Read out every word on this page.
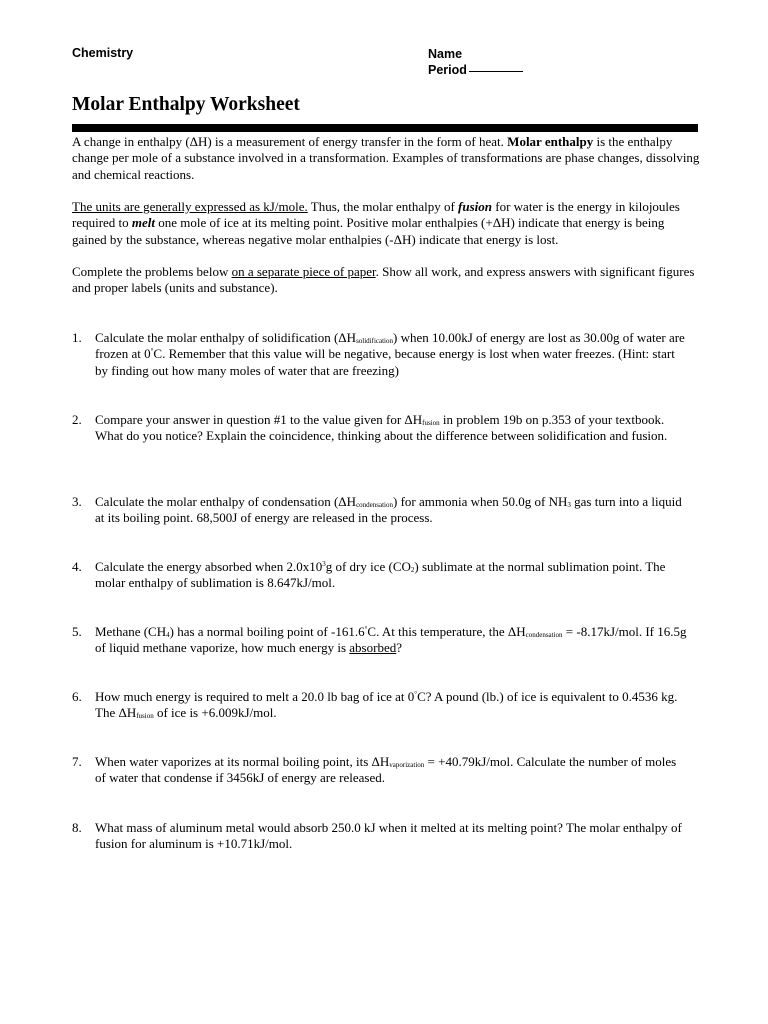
Chemistry	Name
Period
Molar Enthalpy Worksheet
A change in enthalpy (ΔH) is a measurement of energy transfer in the form of heat. Molar enthalpy is the enthalpy change per mole of a substance involved in a transformation. Examples of transformations are phase changes, dissolving and chemical reactions.
The units are generally expressed as kJ/mole. Thus, the molar enthalpy of fusion for water is the energy in kilojoules required to melt one mole of ice at its melting point. Positive molar enthalpies (+ΔH) indicate that energy is being gained by the substance, whereas negative molar enthalpies (-ΔH) indicate that energy is lost.
Complete the problems below on a separate piece of paper. Show all work, and express answers with significant figures and proper labels (units and substance).
1.	Calculate the molar enthalpy of solidification $(\Delta H_{solidification})$ when 10.00kJ of energy are lost as 30.00g of water are frozen at 0°C. Remember that this value will be negative, because energy is lost when water freezes. (Hint: start by finding out how many moles of water that are freezing)
2.	Compare your answer in question #1 to the value given for $\Delta H_{fusion}$ in problem 19b on p.353 of your textbook. What do you notice? Explain the coincidence, thinking about the difference between solidification and fusion.
3.	Calculate the molar enthalpy of condensation $(\Delta H_{condensation})$ for ammonia when 50.0g of $NH_3$ gas turn into a liquid at its boiling point. 68,500J of energy are released in the process.
4.	Calculate the energy absorbed when $2.0x10^3g$ of dry ice $(CO_2)$ sublimate at the normal sublimation point. The molar enthalpy of sublimation is 8.647kJ/mol.
5.	Methane $(CH_4)$ has a normal boiling point of -161.6°C. At this temperature, the $\Delta H_{condensation} = -8.17kJ/mol$. If 16.5g of liquid methane vaporize, how much energy is absorbed?
6.	How much energy is required to melt a 20.0 lb bag of ice at 0°C? A pound (lb.) of ice is equivalent to 0.4536 kg. The $\Delta H_{fusion}$ of ice is +6.009kJ/mol.
7.	When water vaporizes at its normal boiling point, its $\Delta H_{vaporization} = +40.79kJ/mol$. Calculate the number of moles of water that condense if 3456kJ of energy are released.
8.	What mass of aluminum metal would absorb 250.0 kJ when it melted at its melting point? The molar enthalpy of fusion for aluminum is +10.71kJ/mol.
